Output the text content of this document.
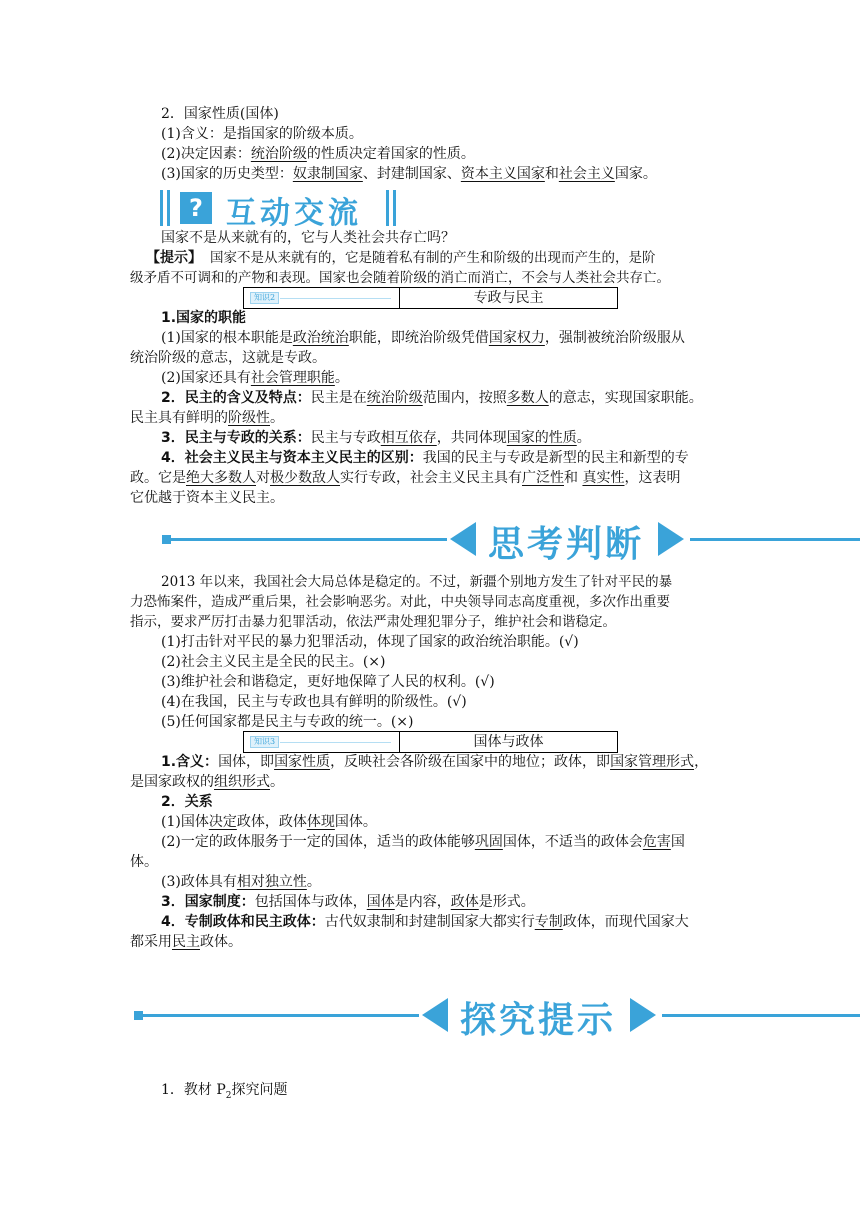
2．国家性质(国体)
(1)含义：是指国家的阶级本质。
(2)决定因素：统治阶级的性质决定着国家的性质。
(3)国家的历史类型：奴隶制国家、封建制国家、资本主义国家和社会主义国家。
? 互动交流
国家不是从来就有的，它与人类社会共存亡吗？
【提示】 国家不是从来就有的，它是随着私有制的产生和阶级的出现而产生的，是阶
级矛盾不可调和的产物和表现。国家也会随着阶级的消亡而消亡，不会与人类社会共存亡。
知识2	专政与民主
1.国家的职能
(1)国家的根本职能是政治统治职能，即统治阶级凭借国家权力，强制被统治阶级服从
统治阶级的意志，这就是专政。
(2)国家还具有社会管理职能。
2．民主的含义及特点：民主是在统治阶级范围内，按照多数人的意志，实现国家职能。
民主具有鲜明的阶级性。
3．民主与专政的关系：民主与专政相互依存，共同体现国家的性质。
4．社会主义民主与资本主义民主的区别：我国的民主与专政是新型的民主和新型的专
政。它是绝大多数人对极少数敌人实行专政，社会主义民主具有广泛性和 真实性，这表明
它优越于资本主义民主。
思考判断
2013 年以来，我国社会大局总体是稳定的。不过，新疆个别地方发生了针对平民的暴
力恐怖案件，造成严重后果，社会影响恶劣。对此，中央领导同志高度重视，多次作出重要
指示，要求严厉打击暴力犯罪活动，依法严肃处理犯罪分子，维护社会和谐稳定。
(1)打击针对平民的暴力犯罪活动，体现了国家的政治统治职能。(√)
(2)社会主义民主是全民的民主。(×)
(3)维护社会和谐稳定，更好地保障了人民的权利。(√)
(4)在我国，民主与专政也具有鲜明的阶级性。(√)
(5)任何国家都是民主与专政的统一。(×)
知识3	国体与政体
1.含义：国体，即国家性质，反映社会各阶级在国家中的地位；政体，即国家管理形式，
是国家政权的组织形式。
2．关系
(1)国体决定政体，政体体现国体。
(2)一定的政体服务于一定的国体，适当的政体能够巩固国体，不适当的政体会危害国
体。
(3)政体具有相对独立性。
3．国家制度：包括国体与政体，国体是内容，政体是形式。
4．专制政体和民主政体：古代奴隶制和封建制国家大都实行专制政体，而现代国家大
都采用民主政体。
探究提示
1．教材 $P_2$探究问题
